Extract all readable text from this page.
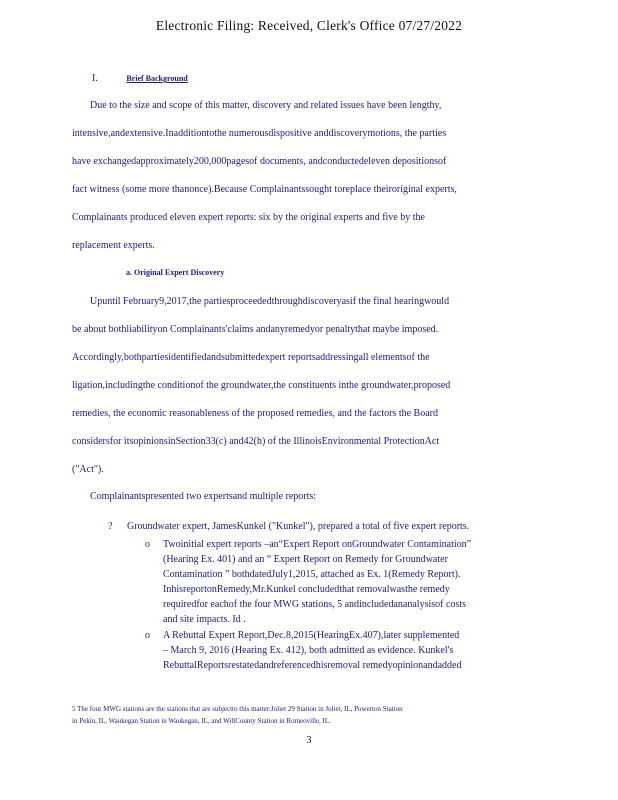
Electronic Filing: Received, Clerk's Office 07/27/2022
I.	Brief Background
Due to the size and scope of this matter, discovery and related issues have been lengthy,
intensive,andextensive.Inadditiontothe numerousdispositive anddiscoverymotions, the parties
have exchangedapproximately200,000pagesof documents, andconductedeleven depositionsof
fact witness (some more thanonce).Because Complainantssought toreplace theiroriginal experts,
Complainants produced eleven expert reports: six by the original experts and five by the
replacement experts.
a. Original Expert Discovery
Upuntil February9,2017,the partiesproceededthroughdiscoveryasif the final hearingwould
be about bothliabilityon Complainants'claims andanyremedyor penaltythat maybe imposed.
Accordingly,bothpartiesidentifiedandsubmittedexpert reportsaddressingall elementsof the
ligation,includingthe conditionof the groundwater,the constituents inthe groundwater,proposed
remedies, the economic reasonableness of the proposed remedies, and the factors the Board
considersfor itsopinionsinSection33(c) and42(h) of the IllinoisEnvironmental ProtectionAct
("Act").
Complainantspresented two expertsand multiple reports:
? Groundwater expert, JamesKunkel ("Kunkel"), prepared a total of five expert reports.
o Twoinitial expert reports –an“Expert Report onGroundwater Contamination”
(Hearing Ex. 401) and an “ Expert Report on Remedy for Groundwater
Contamination ” bothdatedJuly1,2015, attached as Ex. 1(Remedy Report).
InhisreportonRemedy,Mr.Kunkel concludedthat removalwasthe remedy
requiredfor eachof the four MWG stations, 5 andincludedananalysisof costs
and site impacts. Id .
o A Rebuttal Expert Report,Dec.8,2015(HearingEx.407),later supplemented
– March 9, 2016 (Hearing Ex. 412), both admitted as evidence. Kunkel's
RebuttalReportsrestatedandreferencedhisremoval remedyopinionandadded
5 The four MWG stations are the stations that are subjectto this matter:Joliet 29 Station in Joliet, IL, Powerton Station
in Pekin, IL, Waukegan Station in Waukegan, IL, and WillCounty Station in Romeoville, IL.
3
